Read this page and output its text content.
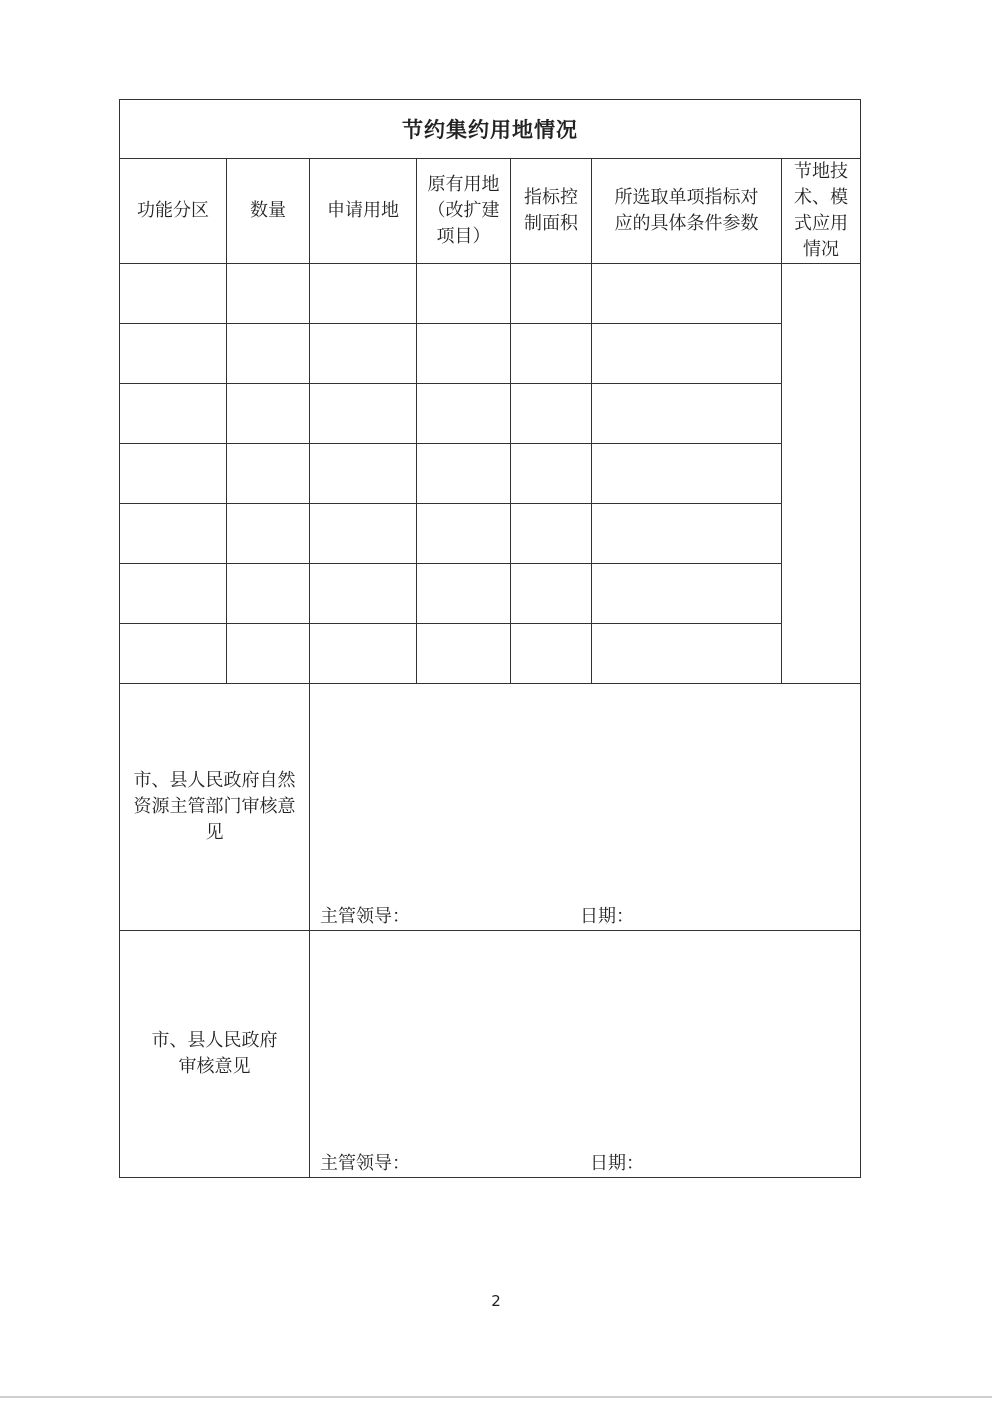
节约集约用地情况						
功能分区	数量	申请用地	原有用地（改扩建项目）	指标控制面积	所选取单项指标对应的具体条件参数	节地技术、模式应用情况

市、县人民政府自然资源主管部门审核意见		主管领导： 日期：				

市、县人民政府审核意见		主管领导： 日期：				
2
